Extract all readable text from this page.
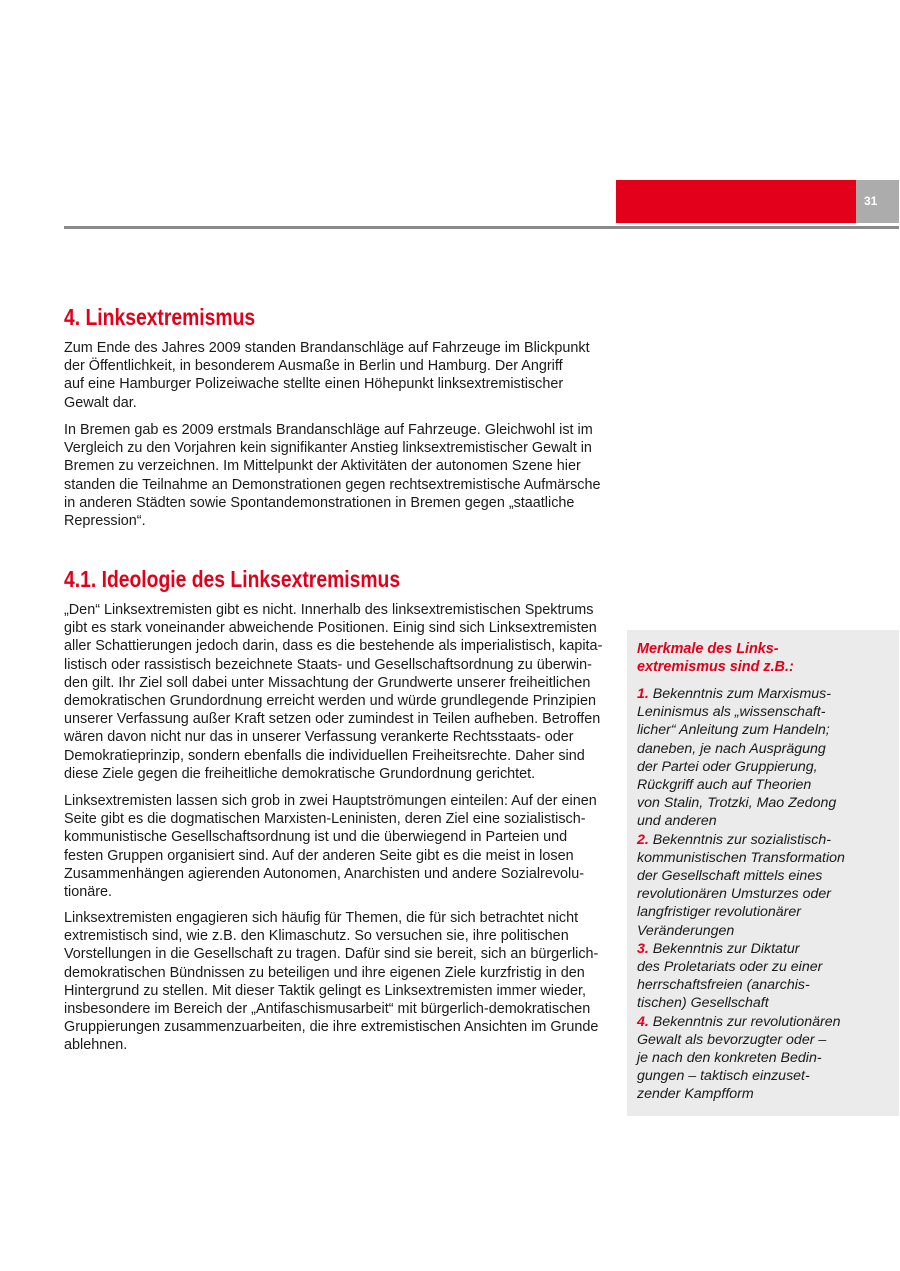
31
4. Linksextremismus
Zum Ende des Jahres 2009 standen Brandanschläge auf Fahrzeuge im Blickpunkt
der Öffentlichkeit, in besonderem Ausmaße in Berlin und Hamburg. Der Angriff
auf eine Hamburger Polizeiwache stellte einen Höhepunkt linksextremistischer
Gewalt dar.
In Bremen gab es 2009 erstmals Brandanschläge auf Fahrzeuge. Gleichwohl ist im
Vergleich zu den Vorjahren kein signifikanter Anstieg linksextremistischer Gewalt in
Bremen zu verzeichnen. Im Mittelpunkt der Aktivitäten der autonomen Szene hier
standen die Teilnahme an Demonstrationen gegen rechtsextremistische Aufmärsche
in anderen Städten sowie Spontandemonstrationen in Bremen gegen „staatliche
Repression“.
4.1. Ideologie des Linksextremismus
„Den“ Linksextremisten gibt es nicht. Innerhalb des linksextremistischen Spektrums
gibt es stark voneinander abweichende Positionen. Einig sind sich Linksextremisten
aller Schattierungen jedoch darin, dass es die bestehende als imperialistisch, kapita-
listisch oder rassistisch bezeichnete Staats- und Gesellschaftsordnung zu überwin-
den gilt. Ihr Ziel soll dabei unter Missachtung der Grundwerte unserer freiheitlichen
demokratischen Grundordnung erreicht werden und würde grundlegende Prinzipien
unserer Verfassung außer Kraft setzen oder zumindest in Teilen aufheben. Betroffen
wären davon nicht nur das in unserer Verfassung verankerte Rechtsstaats- oder
Demokratieprinzip, sondern ebenfalls die individuellen Freiheitsrechte. Daher sind
diese Ziele gegen die freiheitliche demokratische Grundordnung gerichtet.
Linksextremisten lassen sich grob in zwei Hauptströmungen einteilen: Auf der einen
Seite gibt es die dogmatischen Marxisten-Leninisten, deren Ziel eine sozialistisch-
kommunistische Gesellschaftsordnung ist und die überwiegend in Parteien und
festen Gruppen organisiert sind. Auf der anderen Seite gibt es die meist in losen
Zusammenhängen agierenden Autonomen, Anarchisten und andere Sozialrevolu-
tionäre.
Linksextremisten engagieren sich häufig für Themen, die für sich betrachtet nicht
extremistisch sind, wie z.B. den Klimaschutz. So versuchen sie, ihre politischen
Vorstellungen in die Gesellschaft zu tragen. Dafür sind sie bereit, sich an bürgerlich-
demokratischen Bündnissen zu beteiligen und ihre eigenen Ziele kurzfristig in den
Hintergrund zu stellen. Mit dieser Taktik gelingt es Linksextremisten immer wieder,
insbesondere im Bereich der „Antifaschismusarbeit“ mit bürgerlich-demokratischen
Gruppierungen zusammenzuarbeiten, die ihre extremistischen Ansichten im Grunde
ablehnen.
Merkmale des Links-
extremismus sind z.B.:
1. Bekenntnis zum Marxismus-
Leninismus als „wissenschaft-
licher“ Anleitung zum Handeln;
daneben, je nach Ausprägung
der Partei oder Gruppierung,
Rückgriff auch auf Theorien
von Stalin, Trotzki, Mao Zedong
und anderen
2. Bekenntnis zur sozialistisch-
kommunistischen Transformation
der Gesellschaft mittels eines
revolutionären Umsturzes oder
langfristiger revolutionärer
Veränderungen
3. Bekenntnis zur Diktatur
des Proletariats oder zu einer
herrschaftsfreien (anarchis-
tischen) Gesellschaft
4. Bekenntnis zur revolutionären
Gewalt als bevorzugter oder –
je nach den konkreten Bedin-
gungen – taktisch einzuset-
zender Kampfform
